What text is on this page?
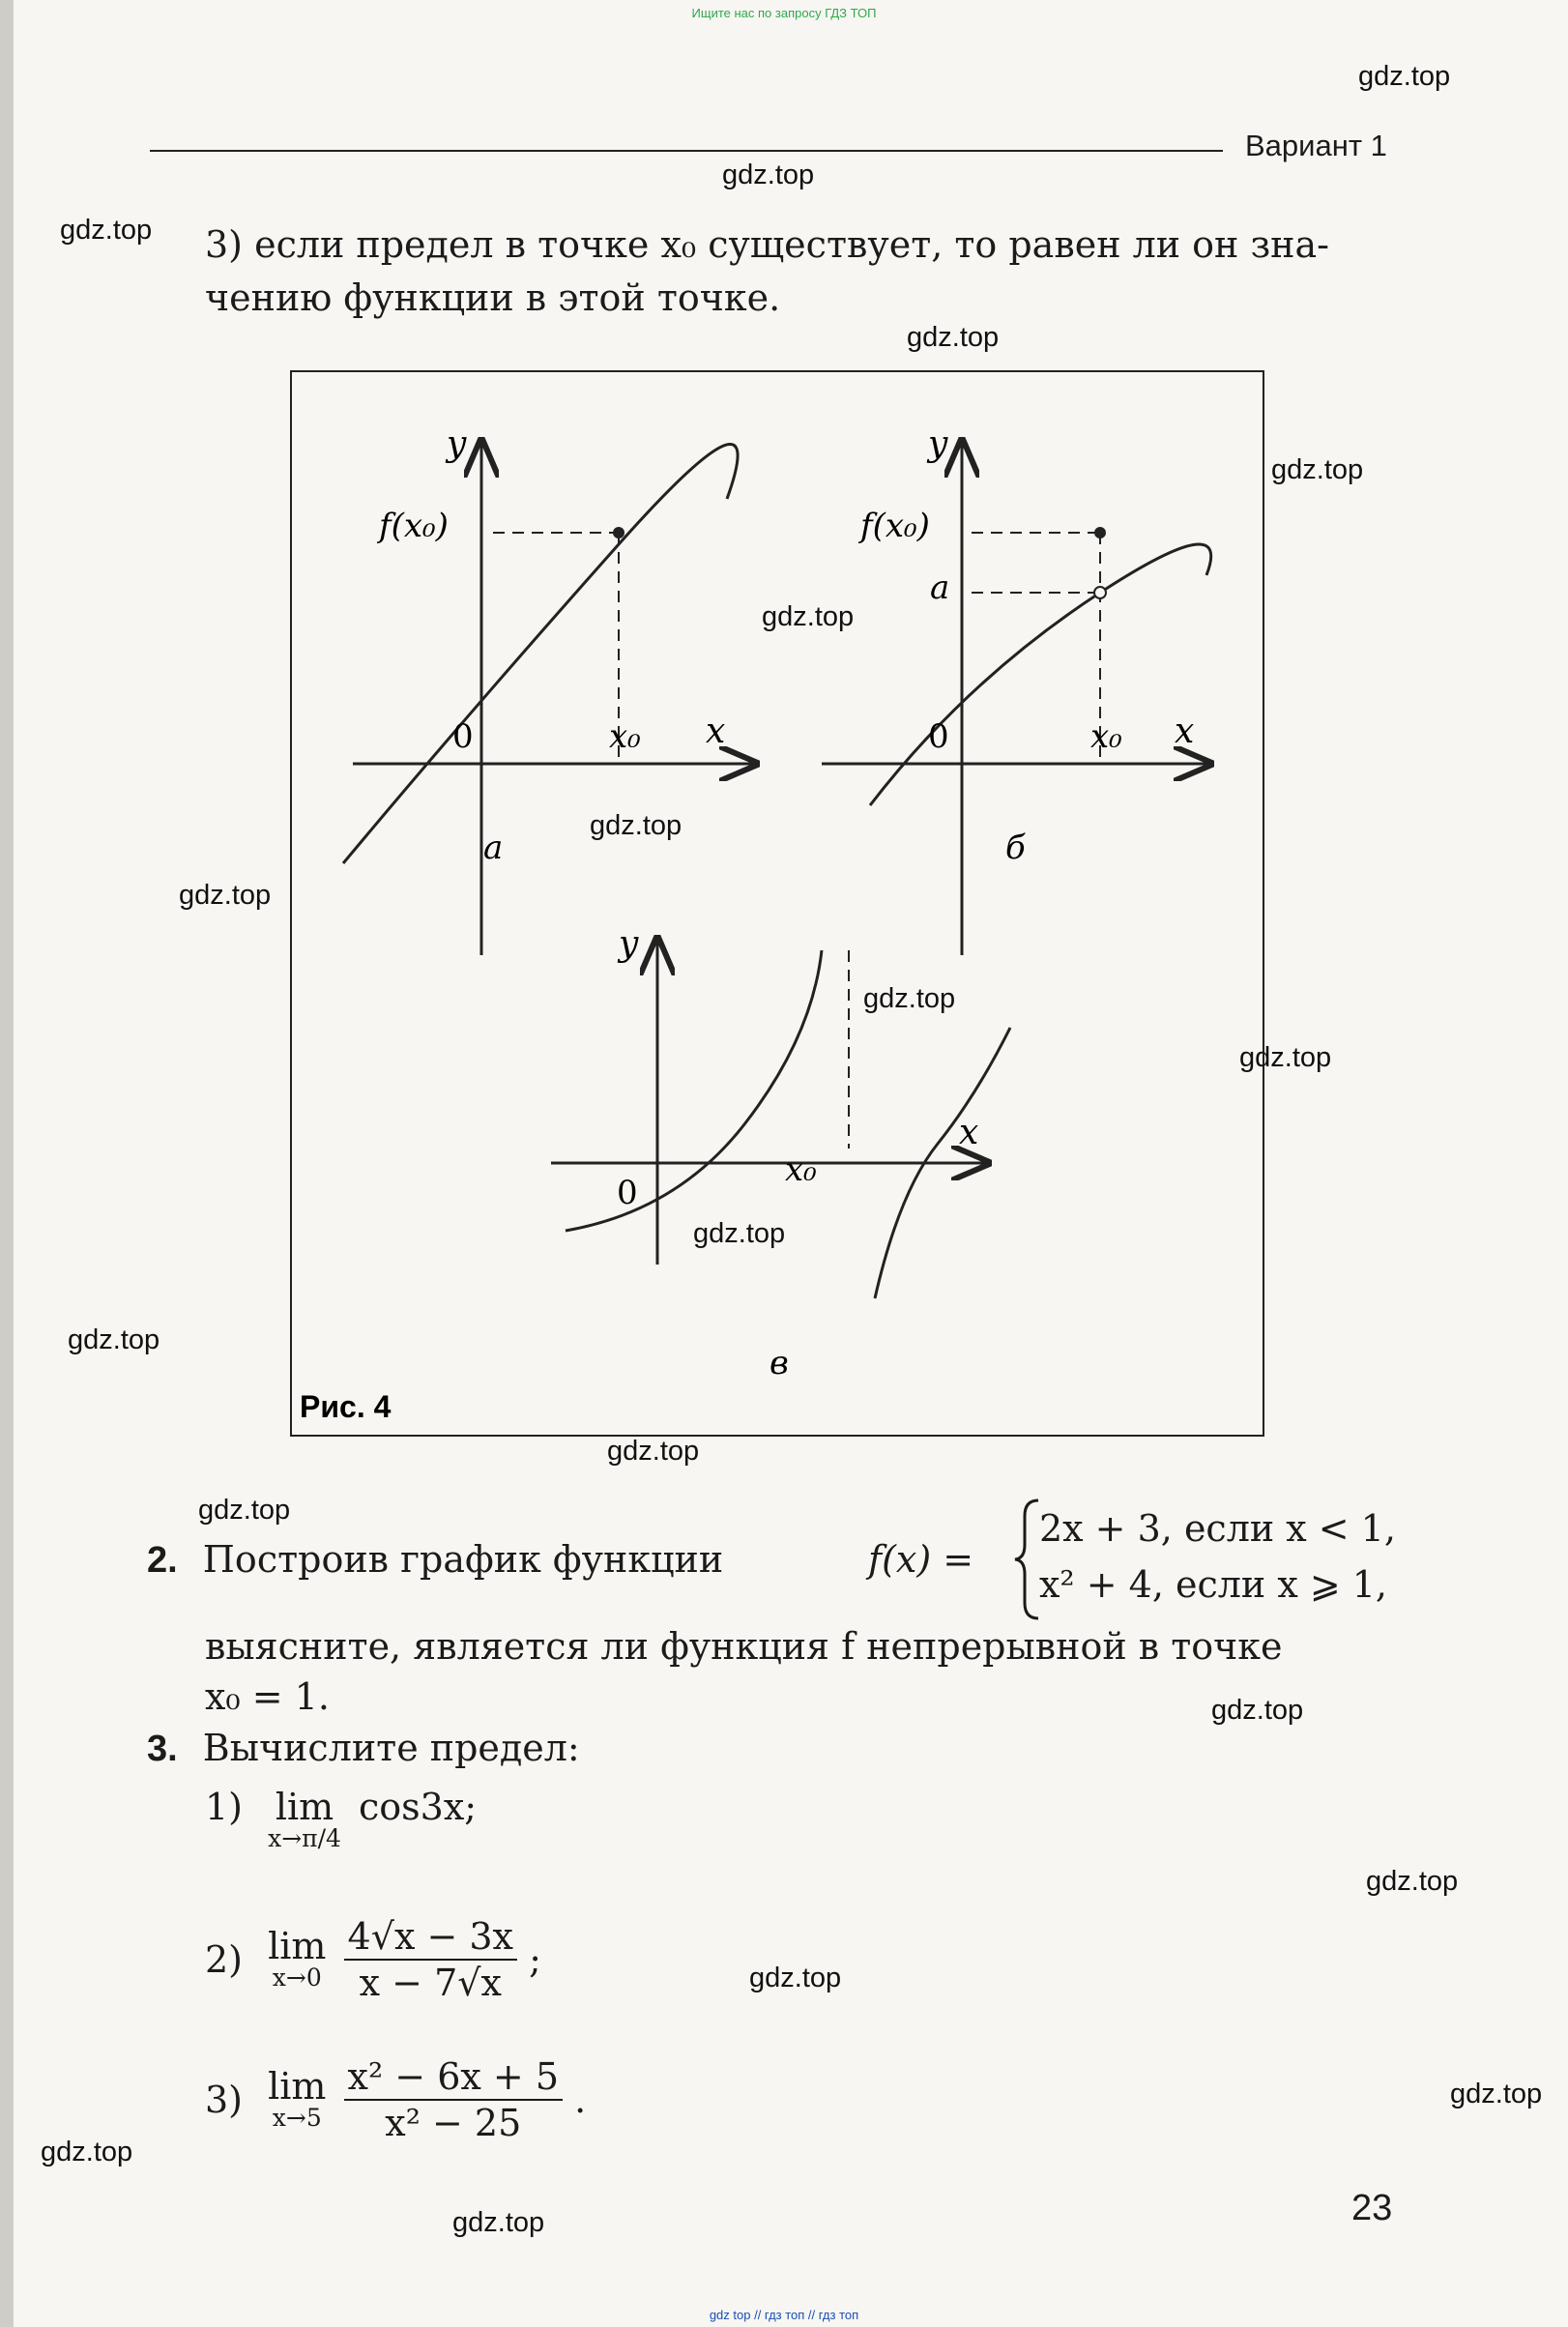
Ищите нас по запросу ГДЗ ТОП
Вариант 1
3) если предел в точке x₀ существует, то равен ли он зна-
чению функции в этой точке.
y
x
0	x₀
f(x₀)
а
y
x
0	x₀
f(x₀)
a
б
y
x
0
x₀
в
Рис. 4
2. Построив график функции	f(x) =
2x + 3, если x < 1,
x² + 4, если x ⩾ 1,
выясните, является ли функция f непрерывной в точке
x₀ = 1.
3. Вычислите предел:
1) lim
x→π/4
cos3x;
2) lim
x→0
$\frac{4√x - 3x}{x - 7√x}$ ;
3) lim
x→5
$\frac{\text{x² − 6x + 5}}{\text{x² − 25}}$ .
23
gdz.top
gdz.top
gdz.top
gdz.top
gdz.top
gdz.top
gdz.top
gdz.top
gdz.top
gdz.top
gdz.top
gdz.top
gdz.top
gdz.top
gdz.top
gdz.top
gdz.top
gdz.top
gdz.top
gdz.top
gdz top // гдз топ // гдз топ
